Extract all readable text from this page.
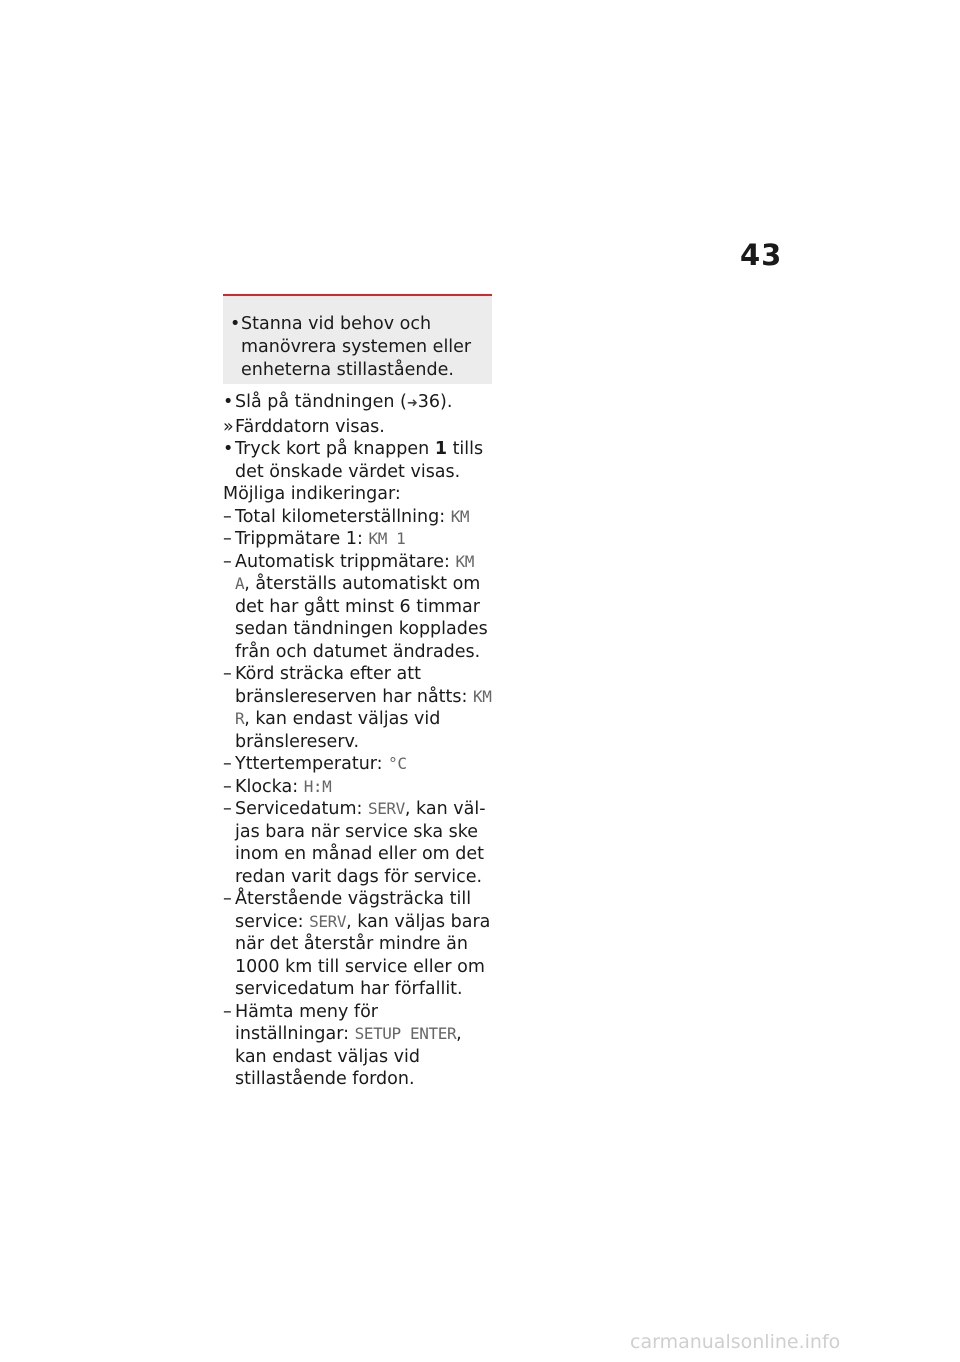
43
• Stanna vid behov och manövrera systemen eller enheterna stillastående.
• Slå på tändningen (➜36).
» Färddatorn visas.
• Tryck kort på knappen 1 tills det önskade värdet visas.
Möjliga indikeringar:
– Total kilometerställning: KM
– Trippmätare 1: KM 1
– Automatisk trippmätare: KM A, återställs automatiskt om det har gått minst 6 timmar sedan tändningen kopplades från och datumet ändrades.
– Körd sträcka efter att bränslereserven har nåtts: KM R, kan endast väljas vid bränslereserv.
– Yttertemperatur: °C
– Klocka: H:M
– Servicedatum: SERV, kan väljas bara när service ska ske inom en månad eller om det redan varit dags för service.
– Återstående vägsträcka till service: SERV, kan väljas bara när det återstår mindre än 1000 km till service eller om servicedatum har förfallit.
– Hämta meny för inställningar: SETUP ENTER, kan endast väljas vid stillastående fordon.
carmanualsonline.info
